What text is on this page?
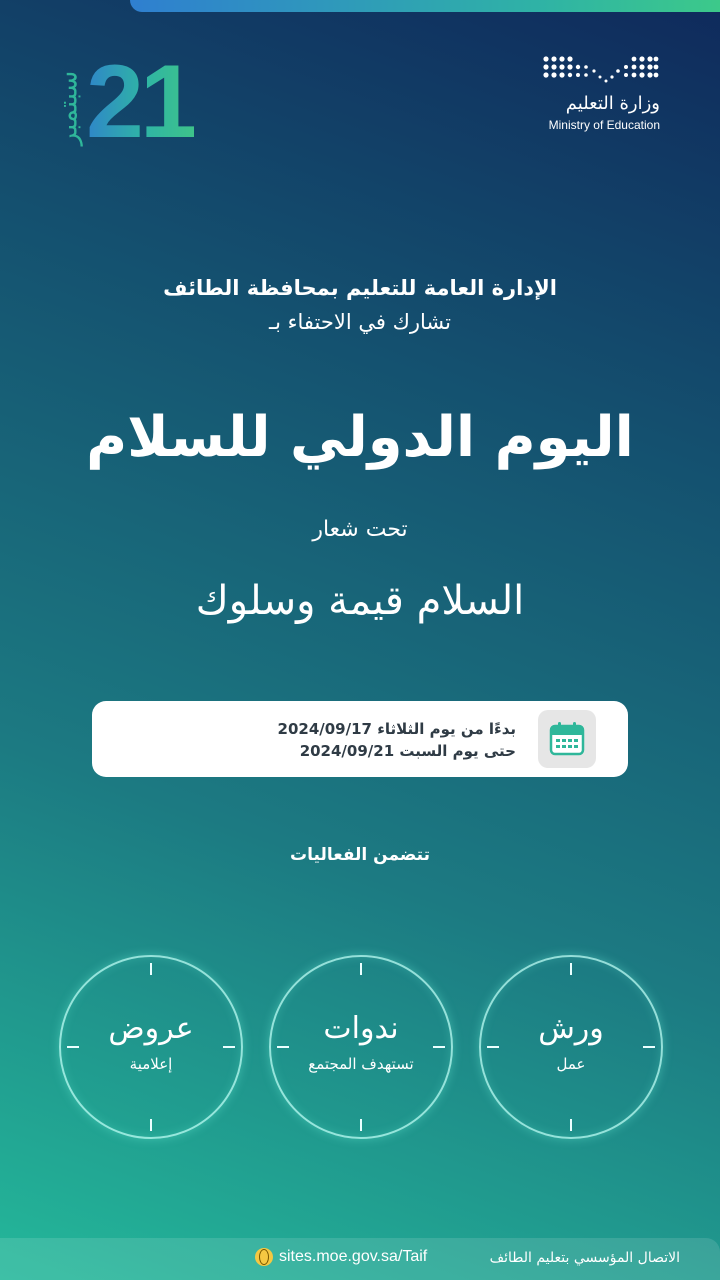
سبتمبر 21	وزارة التعليم
Ministry of Education
الإدارة العامة للتعليم بمحافظة الطائف
تشارك في الاحتفاء بـ
اليوم الدولي للسلام
تحت شعار
السلام قيمة وسلوك
بدءًا من يوم الثلاثاء 2024/09/17
حتى يوم السبت 2024/09/21
تتضمن الفعاليات
ورش
عمل
ندوات
تستهدف المجتمع
عروض
إعلامية
sites.moe.gov.sa/Taif	الاتصال المؤسسي بتعليم الطائف
